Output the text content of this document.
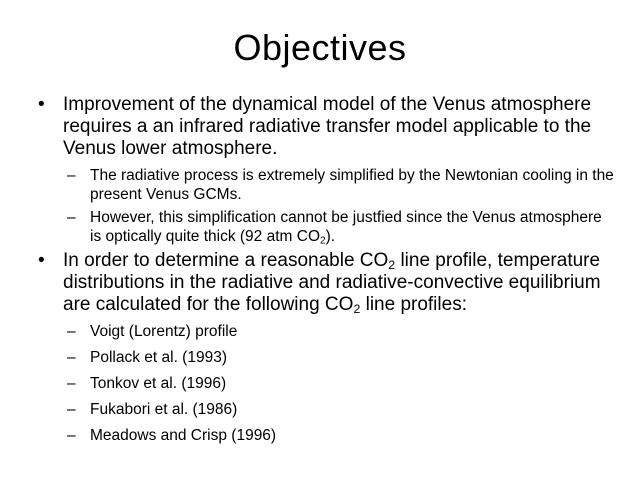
Objectives
• Improvement of the dynamical model of the Venus atmosphere requires a an infrared radiative transfer model applicable to the Venus lower atmosphere.
– The radiative process is extremely simplified by the Newtonian cooling in the present Venus GCMs.
– However, this simplification cannot be justfied since the Venus atmosphere is optically quite thick (92 atm $CO_2$).
• In order to determine a reasonable $CO_2$ line profile, temperature distributions in the radiative and radiative-convective equilibrium are calculated for the following $CO_2$ line profiles:
– Voigt (Lorentz) profile
– Pollack et al. (1993)
– Tonkov et al. (1996)
– Fukabori et al. (1986)
– Meadows and Crisp (1996)
